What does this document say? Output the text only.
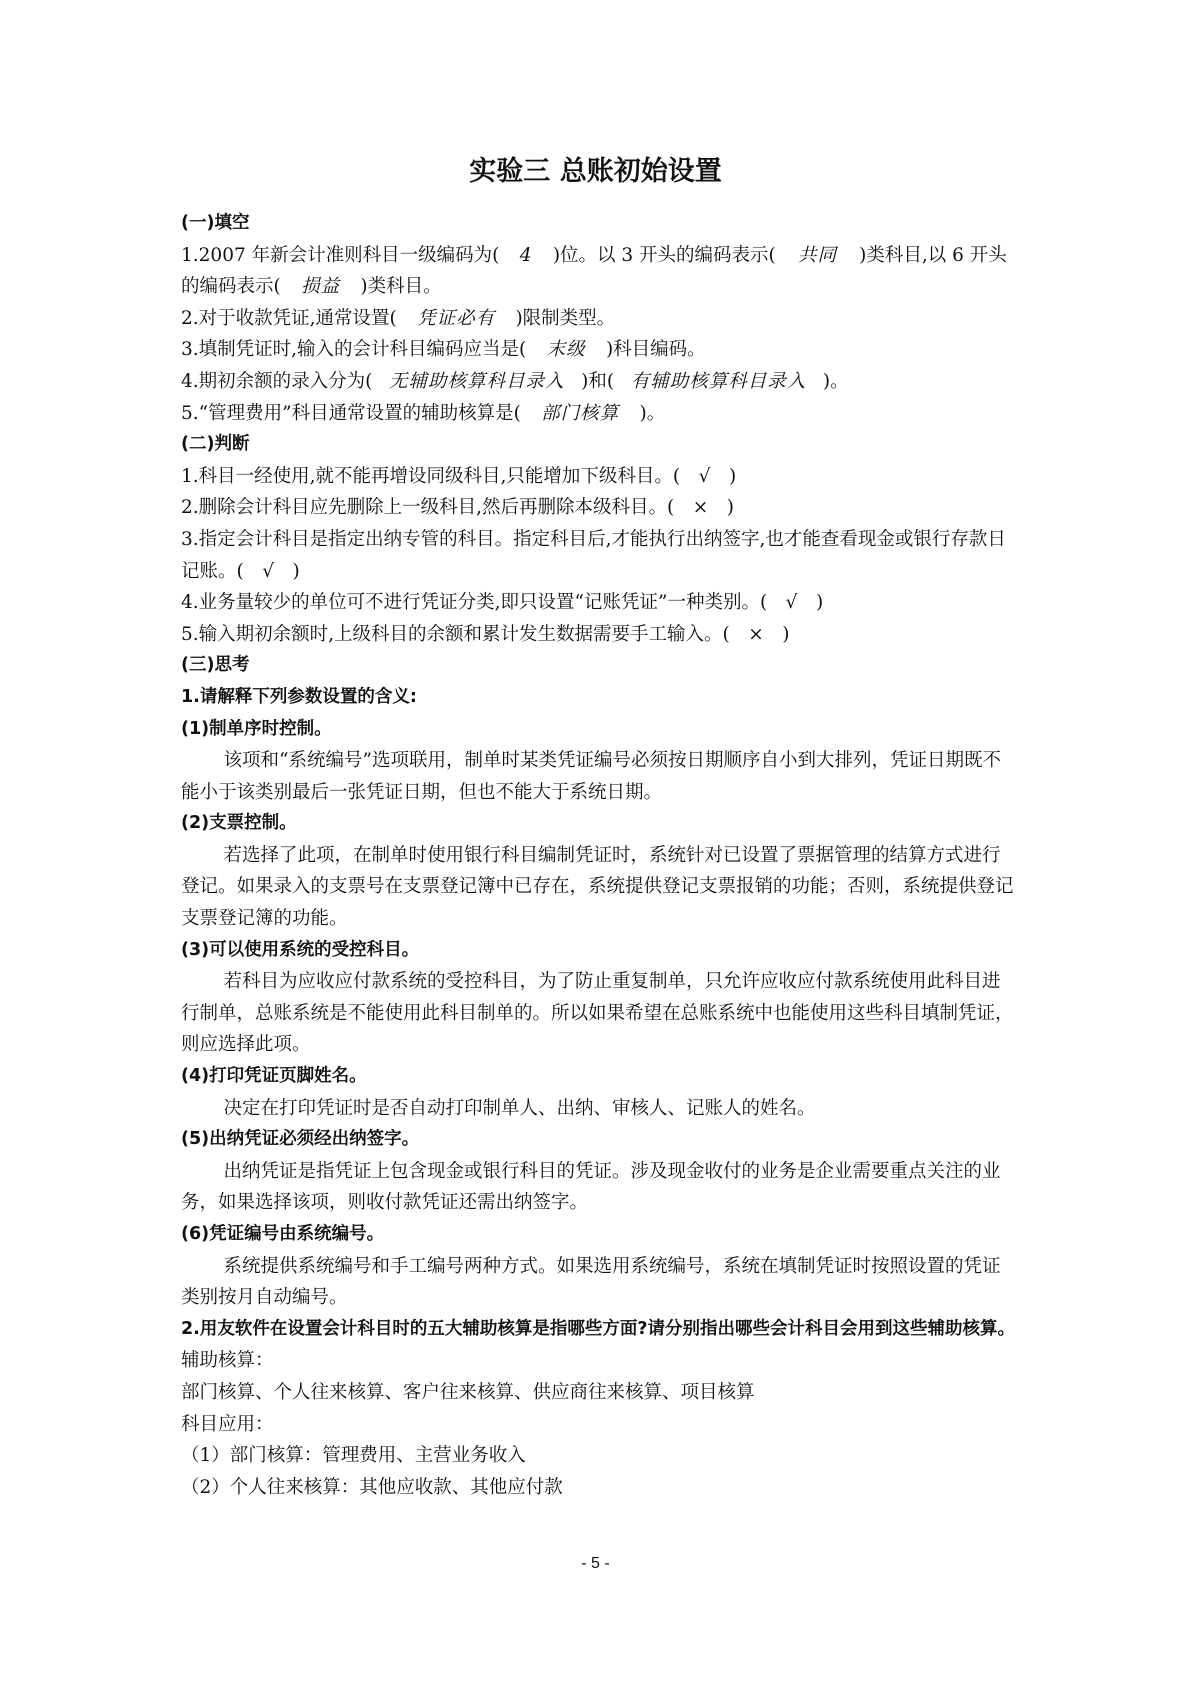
实验三 总账初始设置

(一)填空

1.2007 年新会计准则科目一级编码为( 4 )位。以 3 开头的编码表示( 共同 )类科目,以 6 开头的编码表示( 损益 )类科目。

2.对于收款凭证,通常设置( 凭证必有 )限制类型。

3.填制凭证时,输入的会计科目编码应当是( 末级 )科目编码。

4.期初余额的录入分为( 无辅助核算科目录入 )和( 有辅助核算科目录入 )。

5.“管理费用”科目通常设置的辅助核算是( 部门核算 )。

(二)判断

1.科目一经使用,就不能再增设同级科目,只能增加下级科目。( √ )

2.删除会计科目应先删除上一级科目,然后再删除本级科目。( × )

3.指定会计科目是指定出纳专管的科目。指定科目后,才能执行出纳签字,也才能查看现金或银行存款日记账。( √ )

4.业务量较少的单位可不进行凭证分类,即只设置“记账凭证”一种类别。( √ )

5.输入期初余额时,上级科目的余额和累计发生数据需要手工输入。( × )

(三)思考

1.请解释下列参数设置的含义:

(1)制单序时控制。

该项和“系统编号”选项联用，制单时某类凭证编号必须按日期顺序自小到大排列，凭证日期既不能小于该类别最后一张凭证日期，但也不能大于系统日期。

(2)支票控制。

若选择了此项，在制单时使用银行科目编制凭证时，系统针对已设置了票据管理的结算方式进行登记。如果录入的支票号在支票登记簿中已存在，系统提供登记支票报销的功能；否则，系统提供登记支票登记簿的功能。

(3)可以使用系统的受控科目。

若科目为应收应付款系统的受控科目，为了防止重复制单，只允许应收应付款系统使用此科目进行制单，总账系统是不能使用此科目制单的。所以如果希望在总账系统中也能使用这些科目填制凭证，则应选择此项。

(4)打印凭证页脚姓名。

决定在打印凭证时是否自动打印制单人、出纳、审核人、记账人的姓名。

(5)出纳凭证必须经出纳签字。

出纳凭证是指凭证上包含现金或银行科目的凭证。涉及现金收付的业务是企业需要重点关注的业务，如果选择该项，则收付款凭证还需出纳签字。

(6)凭证编号由系统编号。

系统提供系统编号和手工编号两种方式。如果选用系统编号，系统在填制凭证时按照设置的凭证类别按月自动编号。

2.用友软件在设置会计科目时的五大辅助核算是指哪些方面?请分别指出哪些会计科目会用到这些辅助核算。

辅助核算：

部门核算、个人往来核算、客户往来核算、供应商往来核算、项目核算

科目应用：

（1）部门核算：管理费用、主营业务收入

（2）个人往来核算：其他应收款、其他应付款

- 5 -
